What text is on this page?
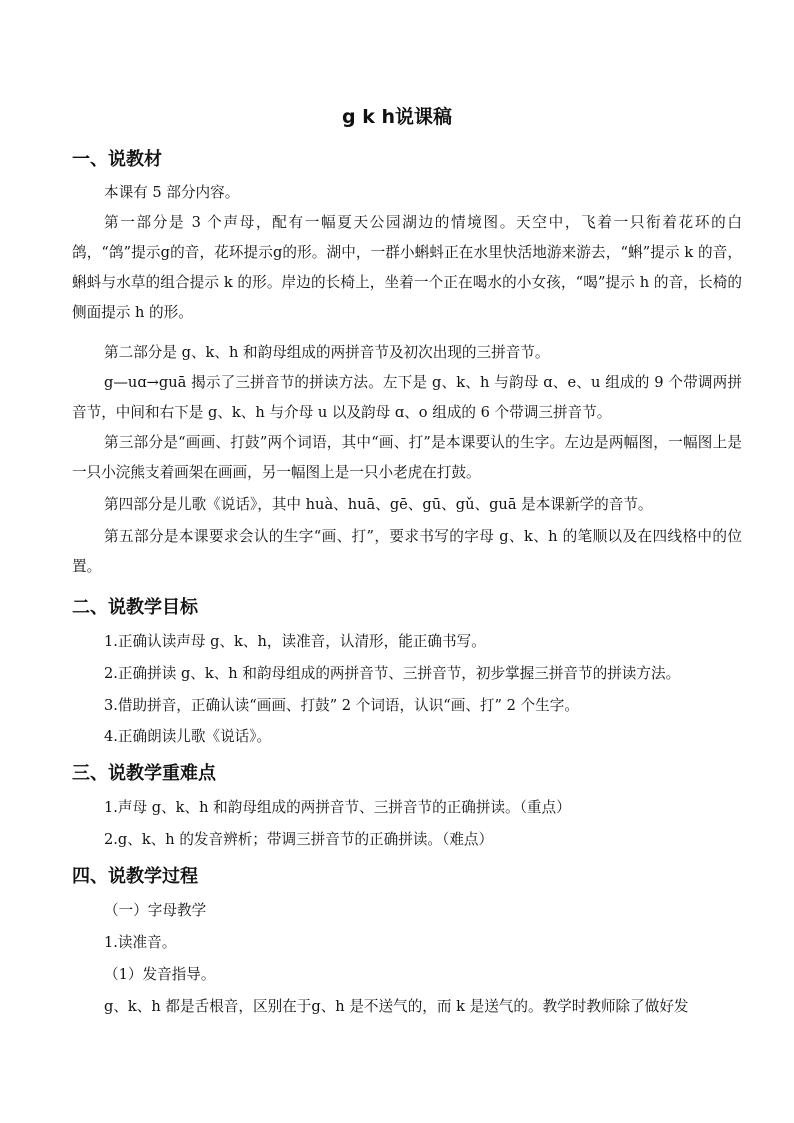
g k h说课稿
一、说教材
本课有 5 部分内容。
第一部分是 3 个声母，配有一幅夏天公园湖边的情境图。天空中，飞着一只衔着花环的白鸽，“鸽”提示g的音，花环提示g的形。湖中，一群小蝌蚪正在水里快活地游来游去，“蝌”提示 k 的音，蝌蚪与水草的组合提示 k 的形。岸边的长椅上，坐着一个正在喝水的小女孩，“喝”提示 h 的音，长椅的侧面提示 h 的形。
第二部分是 g、k、h 和韵母组成的两拼音节及初次出现的三拼音节。
g—uɑ→guā 揭示了三拼音节的拼读方法。左下是 g、k、h 与韵母 ɑ、e、u 组成的 9 个带调两拼音节，中间和右下是 g、k、h 与介母 u 以及韵母 ɑ、o 组成的 6 个带调三拼音节。
第三部分是“画画、打鼓”两个词语，其中“画、打”是本课要认的生字。左边是两幅图，一幅图上是一只小浣熊支着画架在画画，另一幅图上是一只小老虎在打鼓。
第四部分是儿歌《说话》，其中 huà、huā、gē、gū、gǔ、guā 是本课新学的音节。
第五部分是本课要求会认的生字“画、打”，要求书写的字母 g、k、h 的笔顺以及在四线格中的位置。
二、说教学目标
1.正确认读声母 g、k、h，读准音，认清形，能正确书写。
2.正确拼读 g、k、h 和韵母组成的两拼音节、三拼音节，初步掌握三拼音节的拼读方法。
3.借助拼音，正确认读“画画、打鼓” 2 个词语，认识“画、打” 2 个生字。
4.正确朗读儿歌《说话》。
三、说教学重难点
1.声母 g、k、h 和韵母组成的两拼音节、三拼音节的正确拼读。（重点）
2.g、k、h 的发音辨析；带调三拼音节的正确拼读。（难点）
四、说教学过程
（一）字母教学
1.读准音。
（1）发音指导。
g、k、h 都是舌根音，区别在于g、h 是不送气的，而 k 是送气的。教学时教师除了做好发
